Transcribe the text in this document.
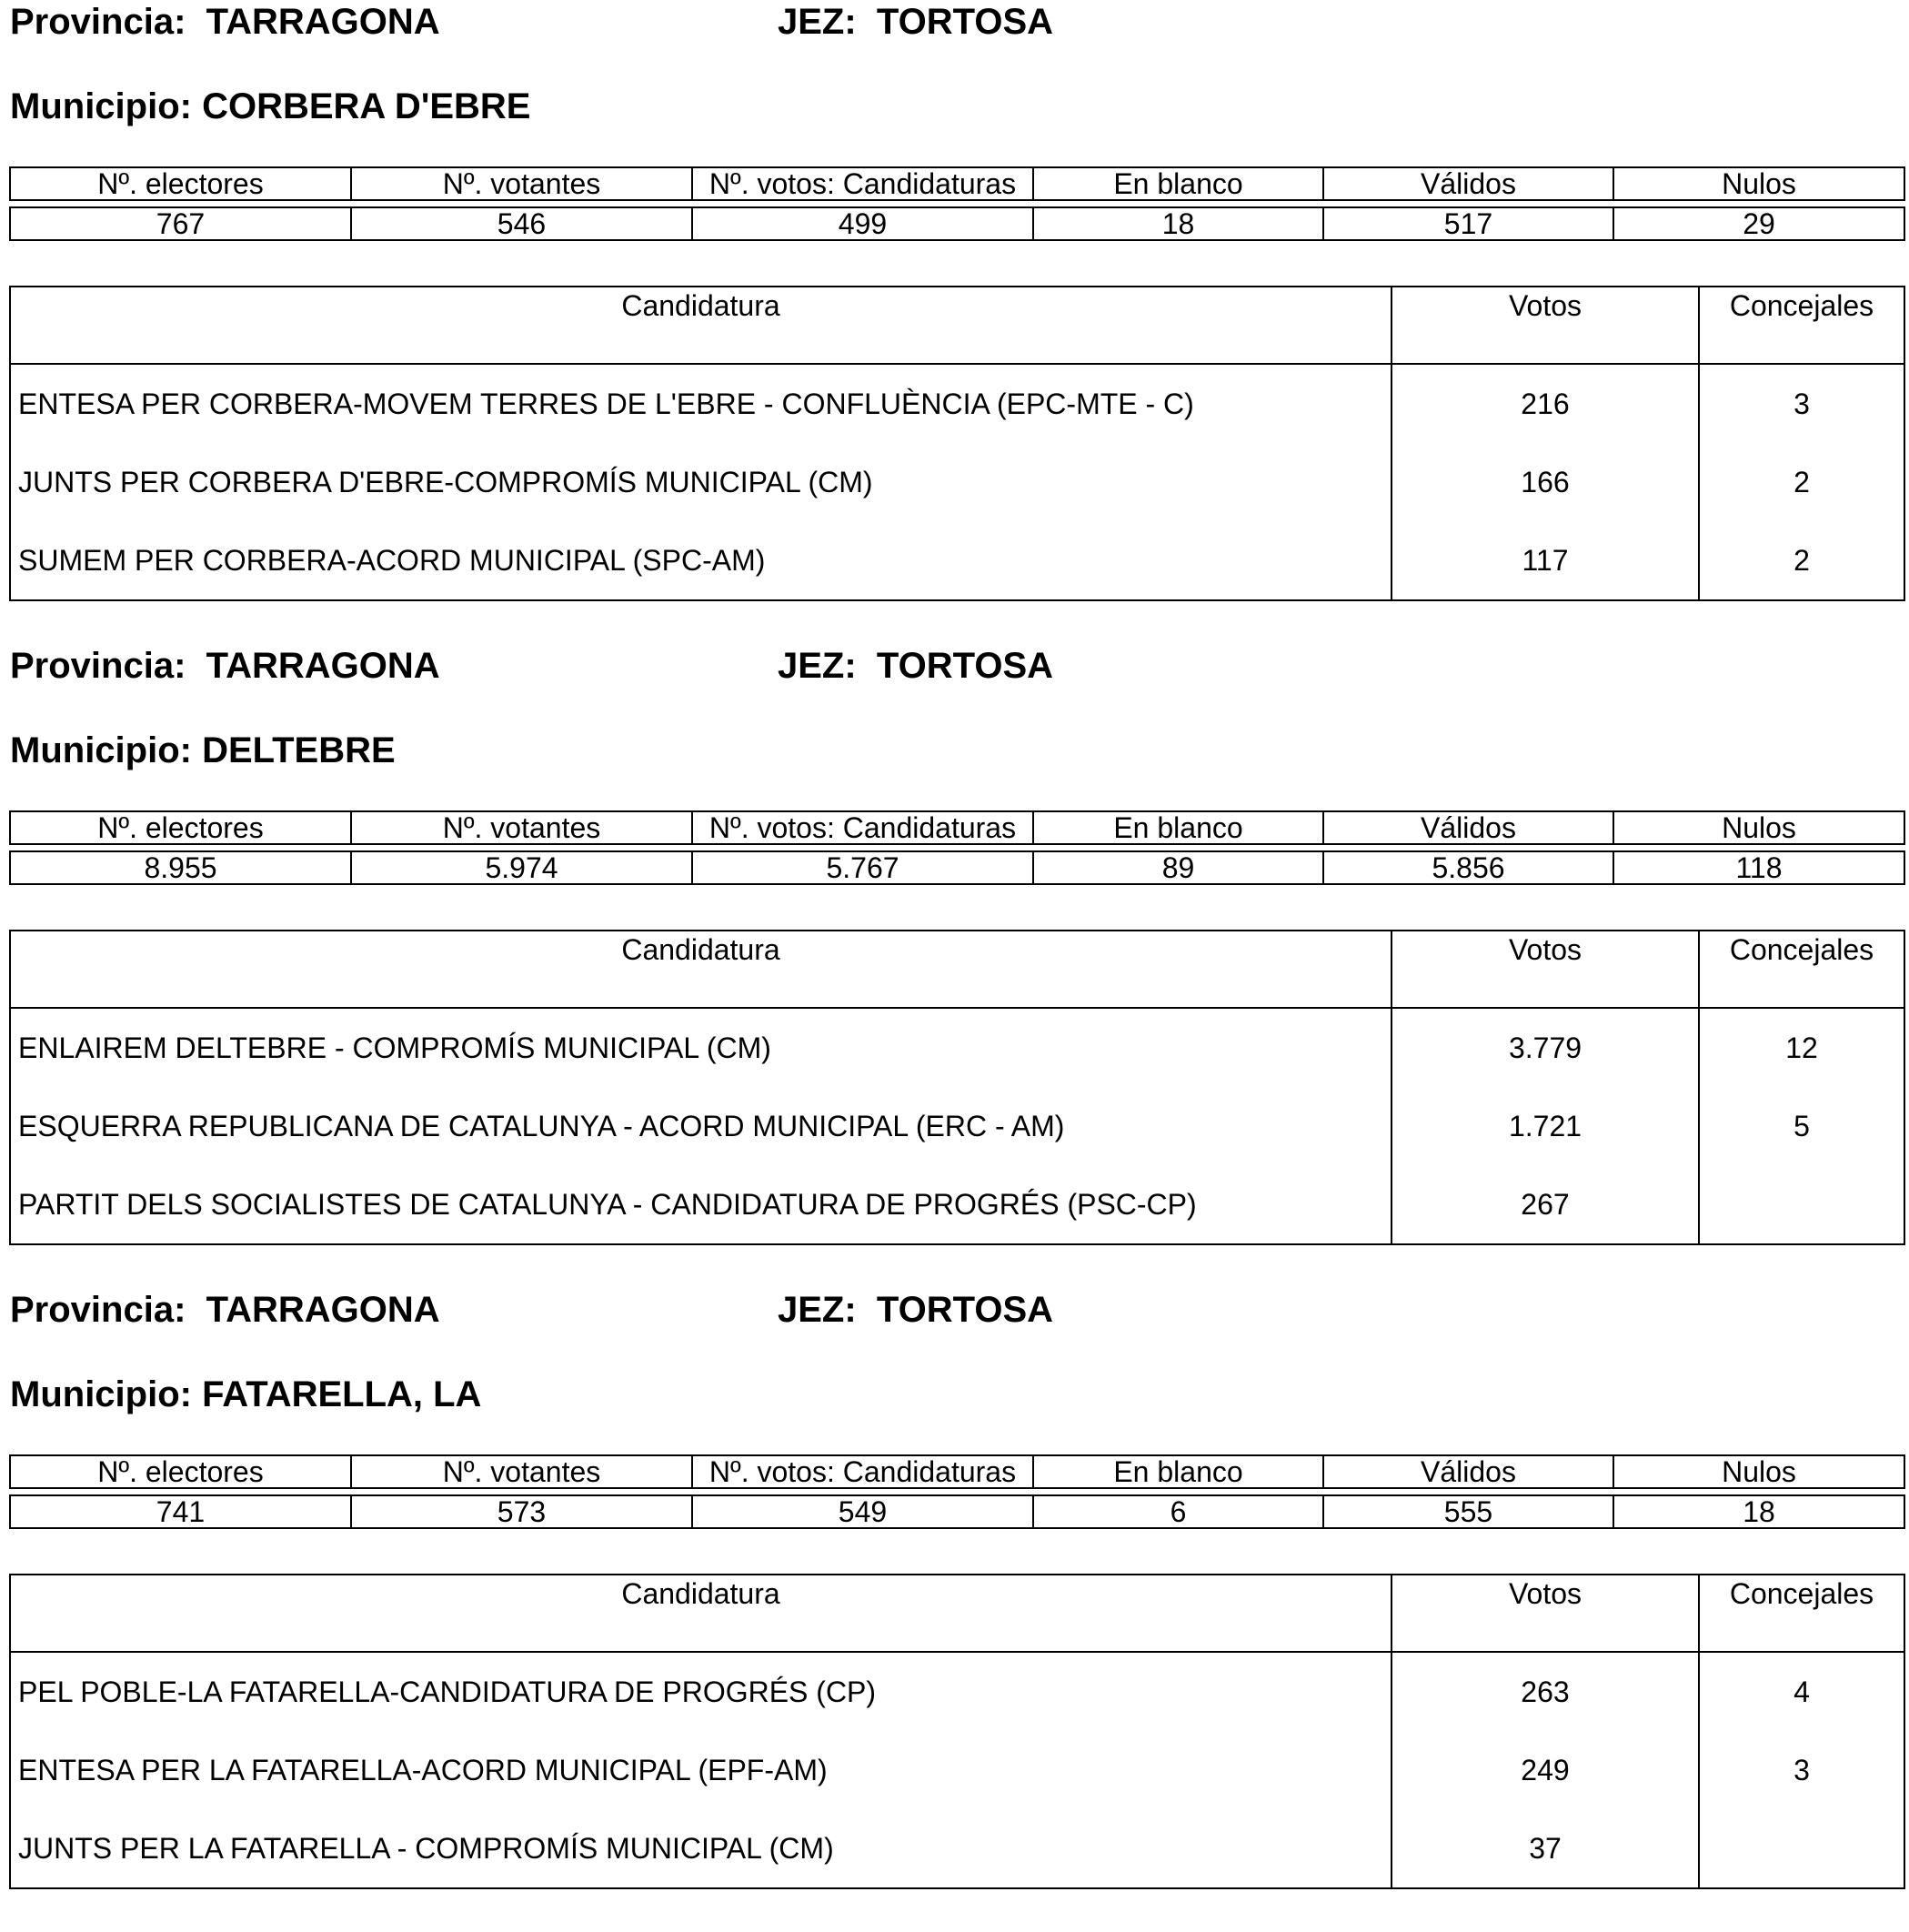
Provincia:  TARRAGONA	JEZ:  TORTOSA
Municipio: CORBERA D'EBRE
Nº. electores	Nº. votantes	Nº. votos: Candidaturas	En blanco	Válidos	Nulos
767	546	499	18	517	29
Candidatura	Votos	Concejales
ENTESA PER CORBERA-MOVEM TERRES DE L'EBRE - CONFLUÈNCIA (EPC-MTE - C)	216	3
JUNTS PER CORBERA D'EBRE-COMPROMÍS MUNICIPAL (CM)	166	2
SUMEM PER CORBERA-ACORD MUNICIPAL (SPC-AM)	117	2
Provincia:  TARRAGONA	JEZ:  TORTOSA
Municipio: DELTEBRE
Nº. electores	Nº. votantes	Nº. votos: Candidaturas	En blanco	Válidos	Nulos
8.955	5.974	5.767	89	5.856	118
Candidatura	Votos	Concejales
ENLAIREM DELTEBRE - COMPROMÍS MUNICIPAL (CM)	3.779	12
ESQUERRA REPUBLICANA DE CATALUNYA - ACORD MUNICIPAL (ERC - AM)	1.721	5
PARTIT DELS SOCIALISTES DE CATALUNYA - CANDIDATURA DE PROGRÉS (PSC-CP)	267	
Provincia:  TARRAGONA	JEZ:  TORTOSA
Municipio: FATARELLA, LA
Nº. electores	Nº. votantes	Nº. votos: Candidaturas	En blanco	Válidos	Nulos
741	573	549	6	555	18
Candidatura	Votos	Concejales
PEL POBLE-LA FATARELLA-CANDIDATURA DE PROGRÉS (CP)	263	4
ENTESA PER LA FATARELLA-ACORD MUNICIPAL (EPF-AM)	249	3
JUNTS PER LA FATARELLA - COMPROMÍS MUNICIPAL (CM)	37	
